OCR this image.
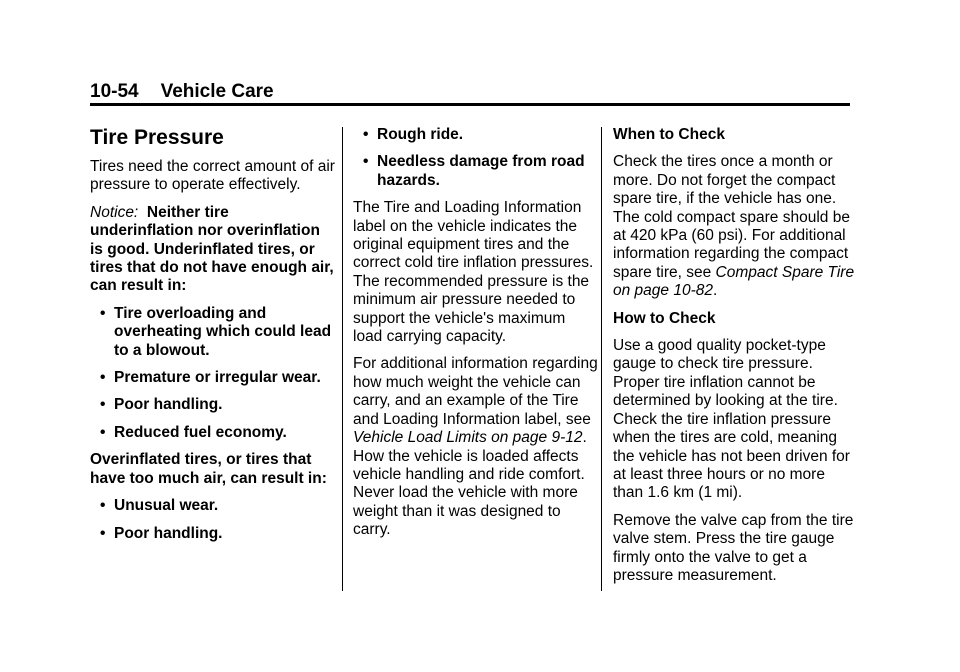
10-54 Vehicle Care
Tire Pressure

Tires need the correct amount of air pressure to operate effectively.

Notice: Neither tire underinflation nor overinflation is good. Underinflated tires, or tires that do not have enough air, can result in:

• Tire overloading and overheating which could lead to a blowout.
• Premature or irregular wear.
• Poor handling.
• Reduced fuel economy.

Overinflated tires, or tires that have too much air, can result in:

• Unusual wear.
• Poor handling.
• Rough ride.
• Needless damage from road hazards.

The Tire and Loading Information label on the vehicle indicates the original equipment tires and the correct cold tire inflation pressures. The recommended pressure is the minimum air pressure needed to support the vehicle's maximum load carrying capacity.

For additional information regarding how much weight the vehicle can carry, and an example of the Tire and Loading Information label, see Vehicle Load Limits on page 9-12. How the vehicle is loaded affects vehicle handling and ride comfort. Never load the vehicle with more weight than it was designed to carry.

When to Check

Check the tires once a month or more. Do not forget the compact spare tire, if the vehicle has one. The cold compact spare should be at 420 kPa (60 psi). For additional information regarding the compact spare tire, see Compact Spare Tire on page 10-82.

How to Check

Use a good quality pocket-type gauge to check tire pressure. Proper tire inflation cannot be determined by looking at the tire. Check the tire inflation pressure when the tires are cold, meaning the vehicle has not been driven for at least three hours or no more than 1.6 km (1 mi).

Remove the valve cap from the tire valve stem. Press the tire gauge firmly onto the valve to get a pressure measurement.
